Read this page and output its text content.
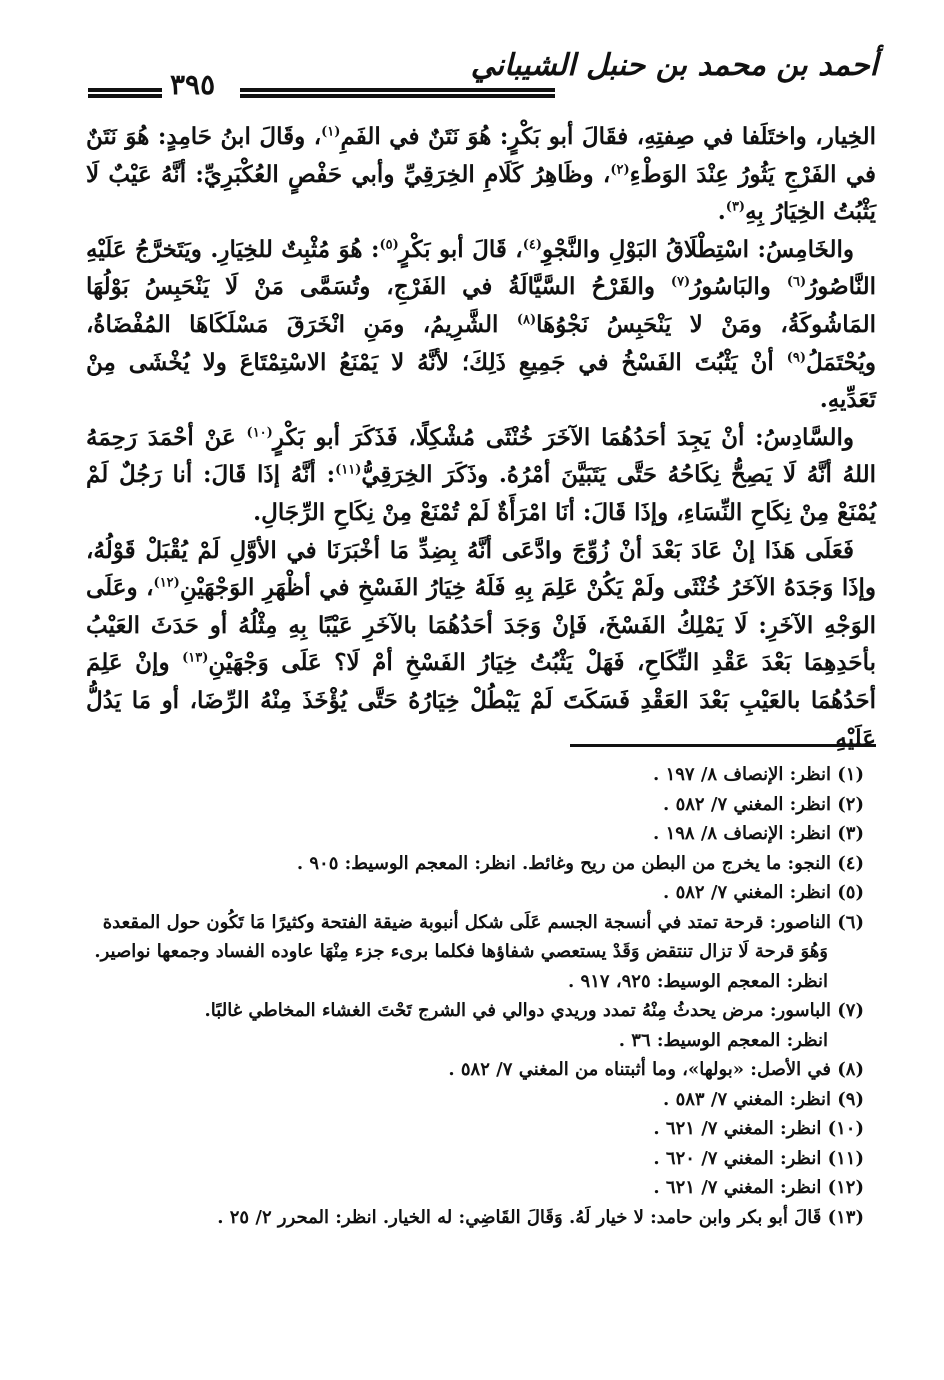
٣٩٥
أحمد بن محمد بن حنبل الشيباني

الخِيار، واختَلَفا في صِفتِهِ، فقَالَ أبو بَكْرٍ: هُوَ نَتَنٌ في الفَمِ$^{(١)}$، وقَالَ ابنُ حَامِدٍ: هُوَ نَتَنٌ في الفَرْجِ يَثُورُ عِنْدَ الوَطْءِ$^{(٢)}$، وظَاهِرُ كَلَامِ الخِرَقِيِّ وأبي حَفْصٍ العُكْبَرِيِّ: أنَّهُ عَيْبٌ لَا يَثْبُتُ الخِيَارُ بِهِ$^{(٣)}$.

والخَامِسُ: اسْتِطْلَاقُ البَوْلِ والنَّجْوِ$^{(٤)}$، قَالَ أبو بَكْرٍ$^{(٥)}$: هُوَ مُثْبِتٌ للخِيَارِ. ويَتَخرَّجُ عَلَيْهِ النَّاصُورُ$^{(٦)}$ والبَاسُورُ$^{(٧)}$ والقَرْحُ السَّيَّالَةُ في الفَرْجِ، وتُسَمَّى مَنْ لَا يَنْحَبِسُ بَوْلُهَا المَاشُوكَةُ، ومَنْ لا يَنْحَبِسُ نَجْوُهَا$^{(٨)}$ الشَّرِيمُ، ومَنِ انْخَرَقَ مَسْلَكَاهَا المُفْضَاةُ، ويُحْتَمَلُ$^{(٩)}$ أنْ يَثْبُتَ الفَسْخُ في جَمِيعِ ذَلِكَ؛ لأنَّهُ لا يَمْنَعُ الاسْتِمْتَاعَ ولا يُخْشَى مِنْ تَعَدِّيهِ.

والسَّادِسُ: أنْ يَجِدَ أحَدُهُمَا الآخَرَ خُنْثَى مُشْكِلًا، فَذَكَرَ أبو بَكْرٍ$^{(١٠)}$ عَنْ أحْمَدَ رَحِمَهُ اللهُ أنَّهُ لَا يَصِحُّ نِكَاحُهُ حَتَّى يَتَبَيَّنَ أمْرُهُ. وذَكَرَ الخِرَقِيُّ$^{(١١)}$: أنَّهُ إذَا قَالَ: أنا رَجُلٌ لَمْ يُمْنَعْ مِنْ نِكَاحِ النِّسَاءِ، وإذَا قَالَ: أنَا امْرَأَةٌ لَمْ تُمْنَعْ مِنْ نِكَاحِ الرِّجَالِ.

فَعَلَى هَذَا إنْ عَادَ بَعْدَ أنْ زُوِّجَ وادَّعَى أنَّهُ بِضِدِّ مَا أخْبَرَنَا في الأوَّلِ لَمْ يُقْبَلْ قَوْلُهُ، وإذَا وَجَدَهُ الآخَرُ خُنْثَى ولَمْ يَكُنْ عَلِمَ بِهِ فَلَهُ خِيَارُ الفَسْخِ في أظْهَرِ الوَجْهَيْنِ$^{(١٢)}$، وعَلَى الوَجْهِ الآخَرِ: لَا يَمْلِكُ الفَسْخَ، فَإنْ وَجَدَ أحَدُهُمَا بالآخَرِ عَيْبًا بِهِ مِثْلُهُ أو حَدَثَ العَيْبُ بأحَدِهِمَا بَعْدَ عَقْدِ النِّكَاحِ، فَهَلْ يَثْبُتُ خِيَارُ الفَسْخِ أمْ لَا؟ عَلَى وَجْهَيْنِ$^{(١٣)}$ وإنْ عَلِمَ أحَدُهُمَا بالعَيْبِ بَعْدَ العَقْدِ فَسَكَتَ لَمْ يَبْطُلْ خِيَارُهُ حَتَّى يُؤْخَذَ مِنْهُ الرِّضَا، أو مَا يَدُلُّ عَلَيْهِ

(١) انظر: الإنصاف ٨/ ١٩٧ .

(٢) انظر: المغني ٧/ ٥٨٢ .

(٣) انظر: الإنصاف ٨/ ١٩٨ .

(٤) النجو: ما يخرج من البطن من ريح وغائط. انظر: المعجم الوسيط: ٩٠٥ .

(٥) انظر: المغني ٧/ ٥٨٢ .

(٦) الناصور: قرحة تمتد في أنسجة الجسم عَلَى شكل أنبوبة ضيقة الفتحة وكثيرًا مَا تَكُون حول المقعدة وَهُوَ قرحة لَا تزال تنتقض وَقَدْ يستعصي شفاؤها فكلما برىء جزء مِنْهَا عاوده الفساد وجمعها نواصير.

انظر: المعجم الوسيط: ٩٢٥، ٩١٧ .

(٧) الباسور: مرض يحدثُ مِنْهُ تمدد وريدي دوالي في الشرج تَحْتَ الغشاء المخاطي غالبًا.

انظر: المعجم الوسيط: ٣٦ .

(٨) في الأصل: «بولها»، وما أثبتناه من المغني ٧/ ٥٨٢ .

(٩) انظر: المغني ٧/ ٥٨٣ .

(١٠) انظر: المغني ٧/ ٦٢١ .

(١١) انظر: المغني ٧/ ٦٢٠ .

(١٢) انظر: المغني ٧/ ٦٢١ .

(١٣) قَالَ أبو بكر وابن حامد: لا خيار لَهُ. وَقَالَ القَاضِي: له الخيار. انظر: المحرر ٢/ ٢٥ .
